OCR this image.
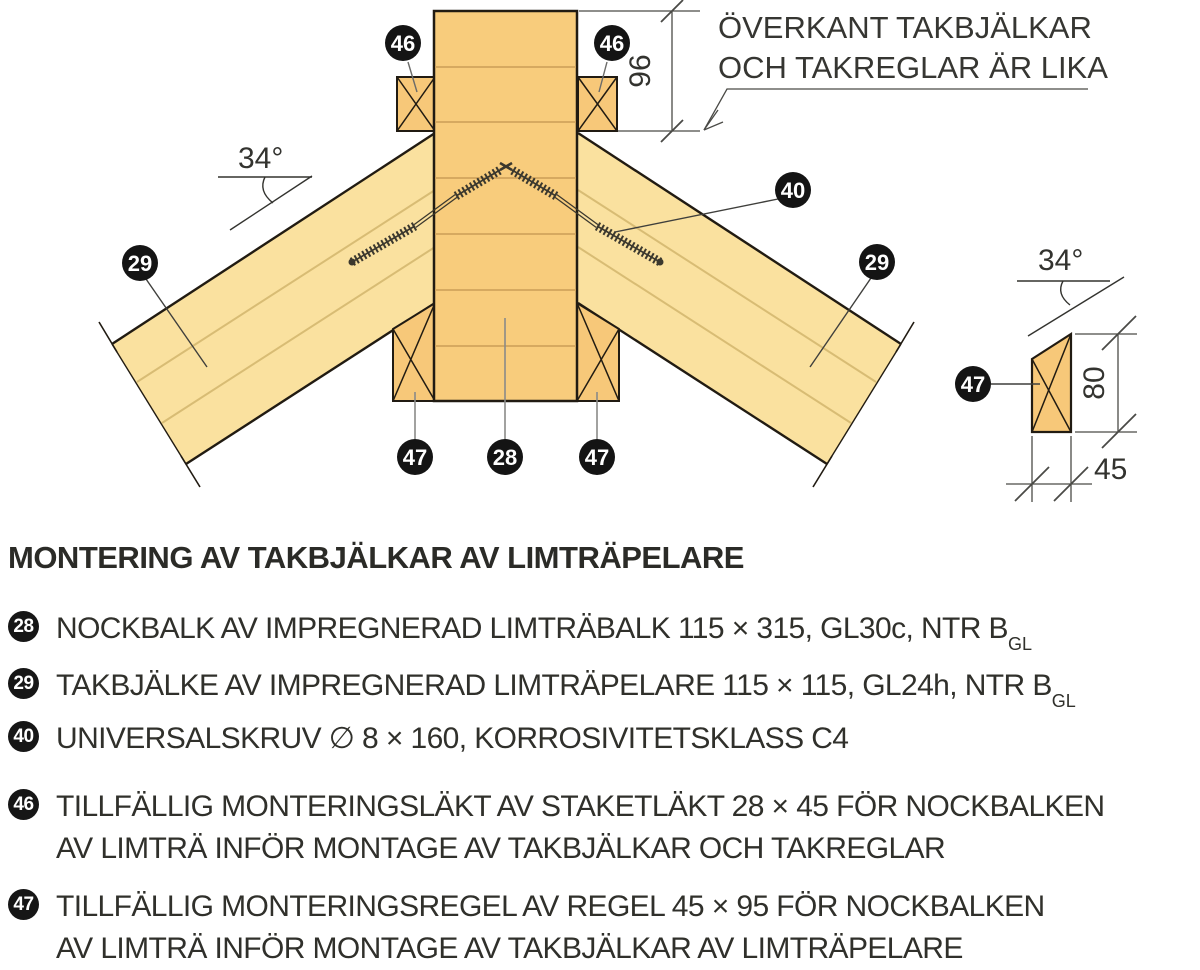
96
ÖVERKANT TAKBJÄLKAR
OCH TAKREGLAR ÄR LIKA
34°
34°
80
45
46	46
40
29	29
47	28	47
47
MONTERING AV TAKBJÄLKAR AV LIMTRÄPELARE
28 NOCKBALK AV IMPREGNERAD LIMTRÄBALK 115 × 315, GL30c, NTR $B_{GL}$
29 TAKBJÄLKE AV IMPREGNERAD LIMTRÄPELARE 115 × 115, GL24h, NTR $B_{GL}$
40 UNIVERSALSKRUV ∅ 8 × 160, KORROSIVITETSKLASS C4
46 TILLFÄLLIG MONTERINGSLÄKT AV STAKETLÄKT 28 × 45 FÖR NOCKBALKEN
AV LIMTRÄ INFÖR MONTAGE AV TAKBJÄLKAR OCH TAKREGLAR
47 TILLFÄLLIG MONTERINGSREGEL AV REGEL 45 × 95 FÖR NOCKBALKEN
AV LIMTRÄ INFÖR MONTAGE AV TAKBJÄLKAR AV LIMTRÄPELARE
